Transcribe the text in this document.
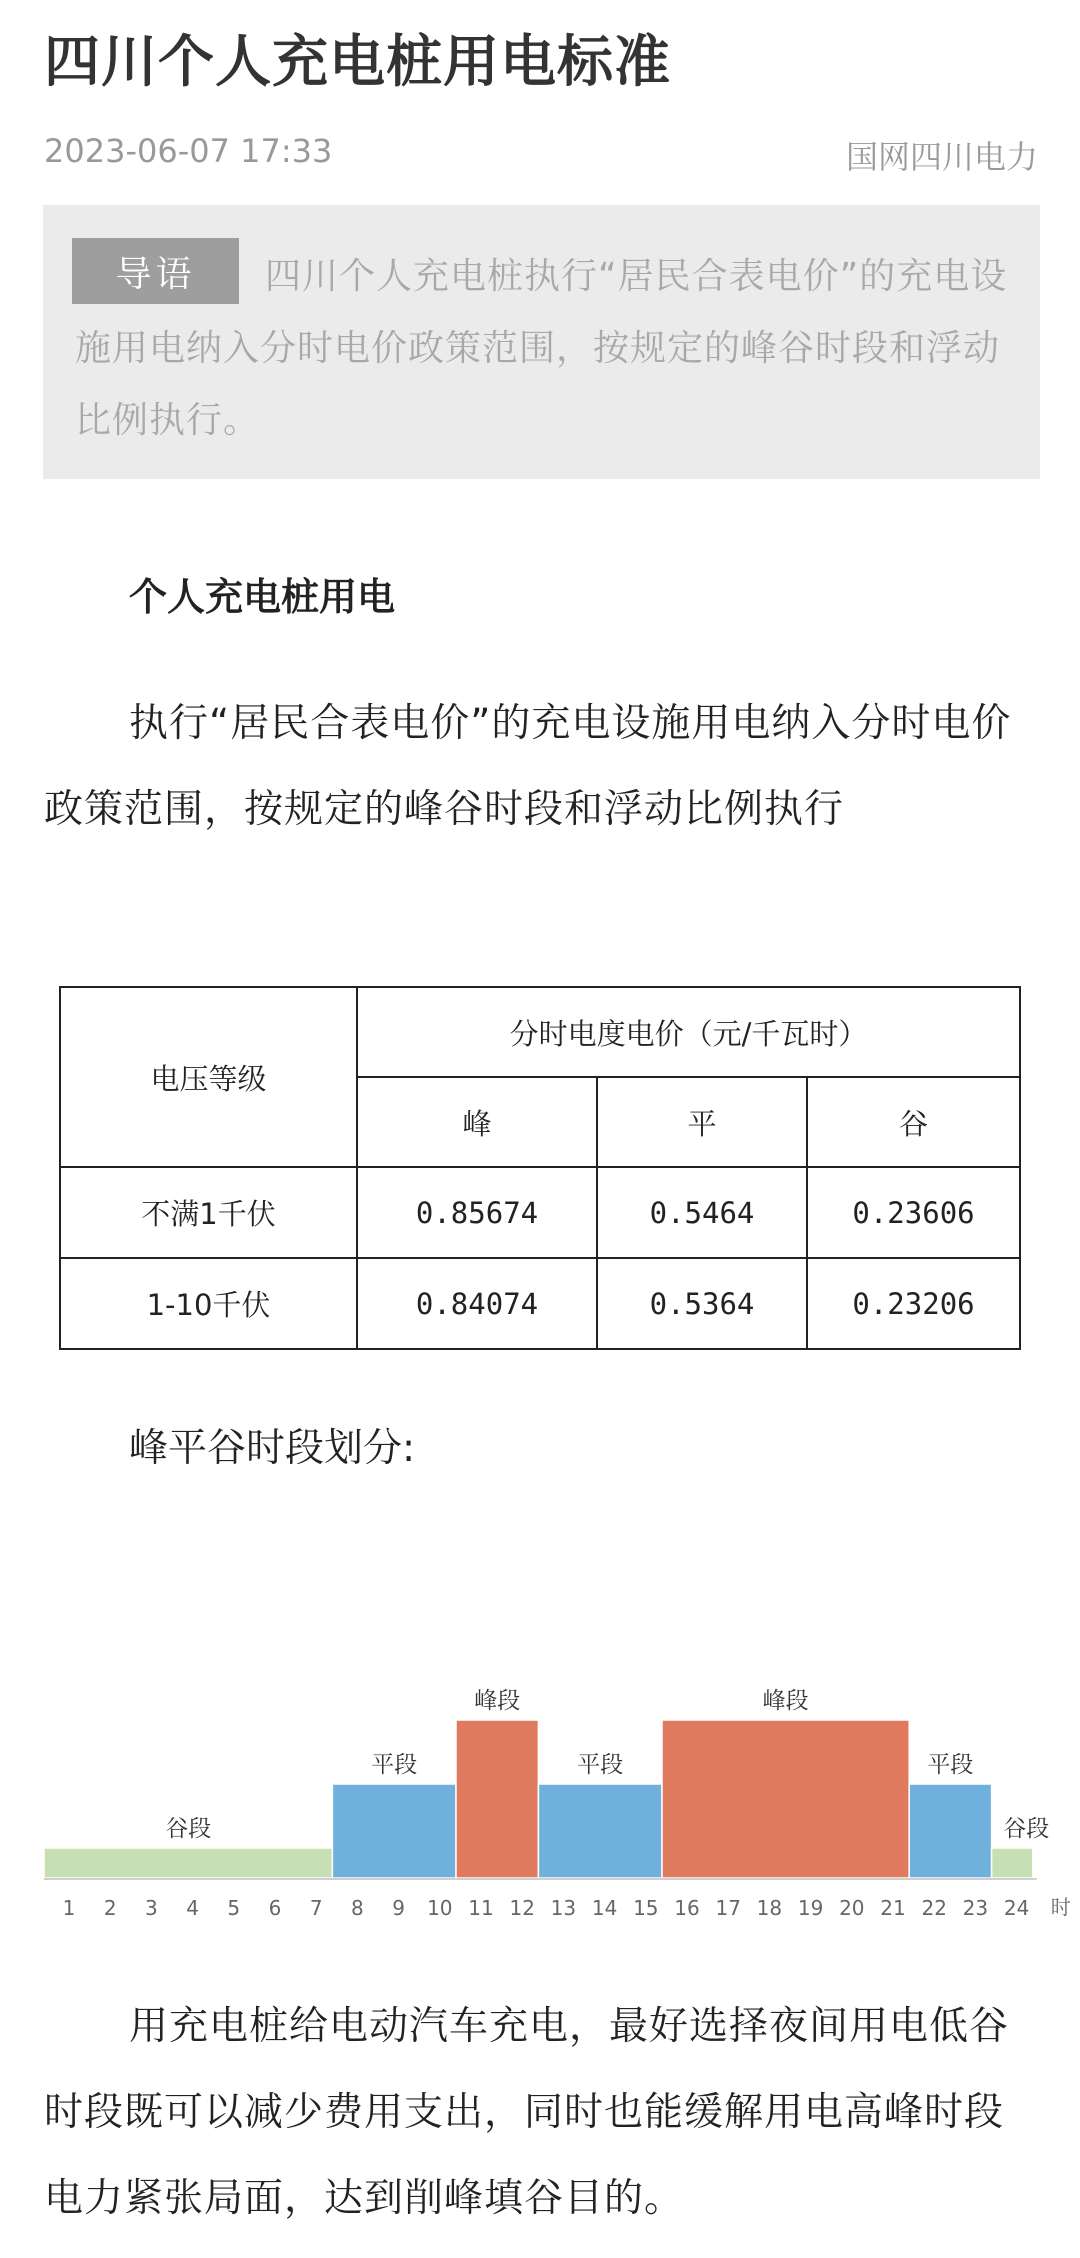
四川个人充电桩用电标准
2023-06-07 17:33	国网四川电力

四川个人充电桩执行“居民合表电价”的充电设施用电纳入分时电价政策范围，按规定的峰谷时段和浮动比例执行。

导语
个人充电桩用电

执行“居民合表电价”的充电设施用电纳入分时电价政策范围，按规定的峰谷时段和浮动比例执行

电压等级	分时电度电价（元/千瓦时）		
	峰	平	谷
不满1千伏	0.85674	0.5464	0.23606
1-10千伏	0.84074	0.5364	0.23206
峰平谷时段划分:
谷段
平段
峰段
平段
峰段
平段
谷段
1 2 3 4 5 6 7 8 9 10 11 12 13 14 15 16 17 18 19 20 21 22 23 24 时

用充电桩给电动汽车充电，最好选择夜间用电低谷时段既可以减少费用支出，同时也能缓解用电高峰时段电力紧张局面，达到削峰填谷目的。
